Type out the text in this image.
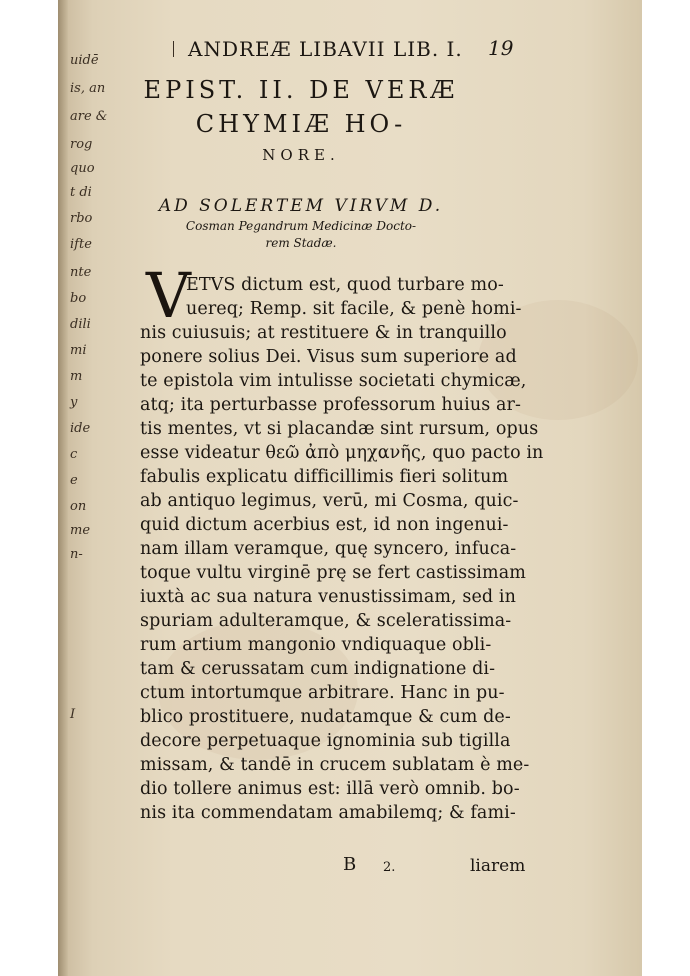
uidē
is, an
are &
rog
quo
t di
rbo
ifte
nte
bo
dili
mi
m
y
ide
c
e
on
me
n-
I
ANDREÆ LIBAVII LIB. I. 19
EPIST. II. DE VERÆ
CHYMIÆ HO-
NORE.
AD SOLERTEM VIRVM D.
Cosman Pegandrum Medicinæ Docto-
rem Stadæ.
V
ETVS dictum est, quod turbare mo-
uereq; Remp. sit facile, & penè homi-
nis cuiusuis; at restituere & in tranquillo
ponere solius Dei. Visus sum superiore ad
te epistola vim intulisse societati chymicæ,
atq; ita perturbasse professorum huius ar-
tis mentes, vt si placandæ sint rursum, opus
esse videatur θεῶ ἀπὸ μηχανῆς, quo pacto in
fabulis explicatu difficillimis fieri solitum
ab antiquo legimus, verū, mi Cosma, quic-
quid dictum acerbius est, id non ingenui-
nam illam veramque, quę syncero, infuca-
toque vultu virginē prę se fert castissimam
iuxtà ac sua natura venustissimam, sed in
spuriam adulteramque, & sceleratissima-
rum artium mangonio vndiquaque obli-
tam & cerussatam cum indignatione di-
ctum intortumque arbitrare. Hanc in pu-
blico prostituere, nudatamque & cum de-
decore perpetuaque ignominia sub tigilla
missam, & tandē in crucem sublatam è me-
dio tollere animus est: illā verò omnib. bo-
nis ita commendatam amabilemq; & fami-
B 2.	liarem
